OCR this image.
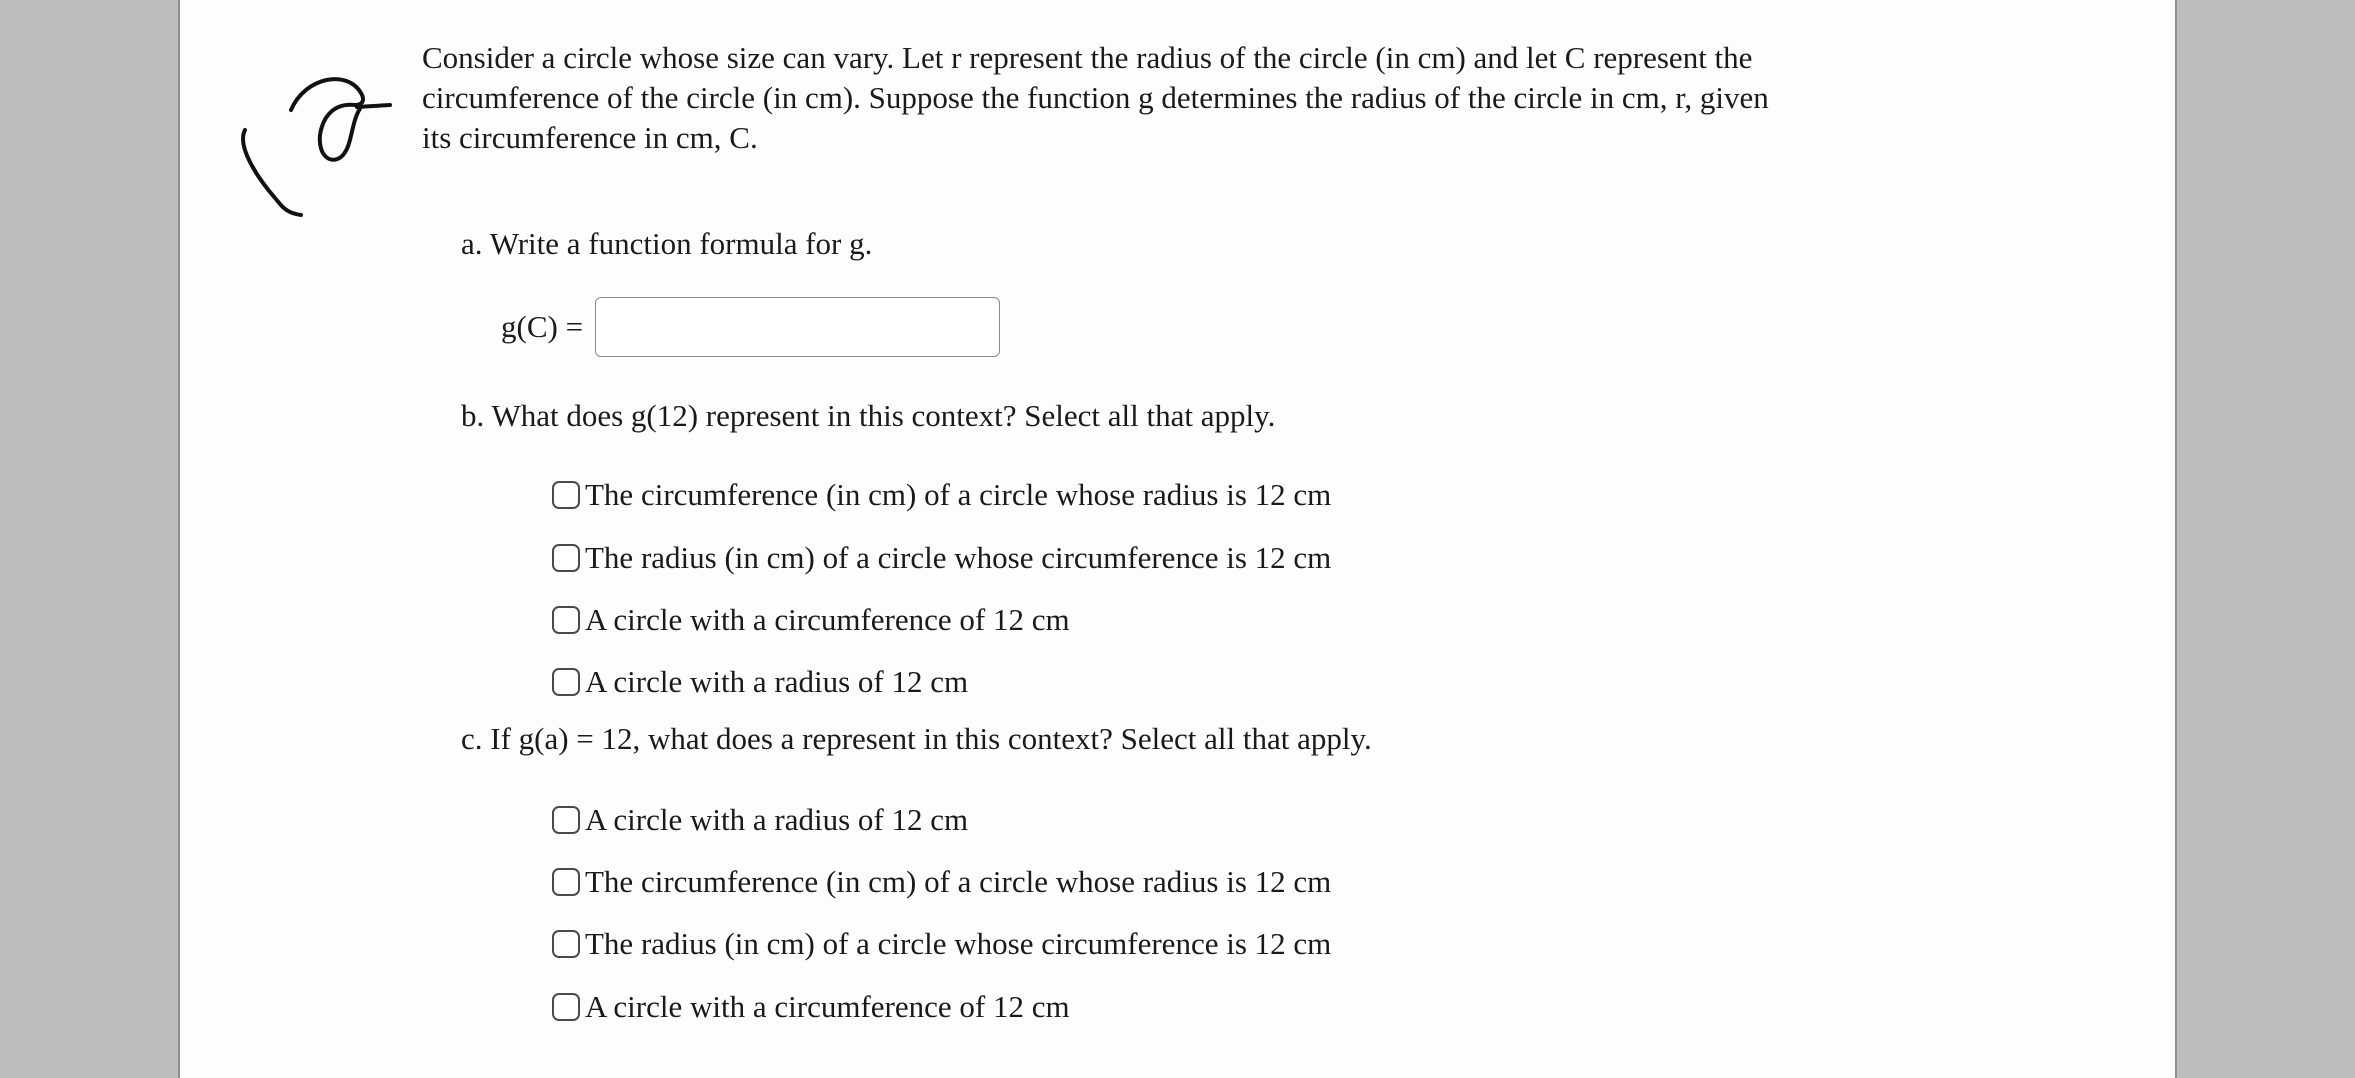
Consider a circle whose size can vary. Let r represent the radius of the circle (in cm) and let C represent the

circumference of the circle (in cm). Suppose the function g determines the radius of the circle in cm, r, given

its circumference in cm, C.

a. Write a function formula for g.
g(C) =
b. What does g(12) represent in this context? Select all that apply.
The circumference (in cm) of a circle whose radius is 12 cm
The radius (in cm) of a circle whose circumference is 12 cm
A circle with a circumference of 12 cm
A circle with a radius of 12 cm
c. If g(a) = 12, what does a represent in this context? Select all that apply.
A circle with a radius of 12 cm
The circumference (in cm) of a circle whose radius is 12 cm
The radius (in cm) of a circle whose circumference is 12 cm
A circle with a circumference of 12 cm
